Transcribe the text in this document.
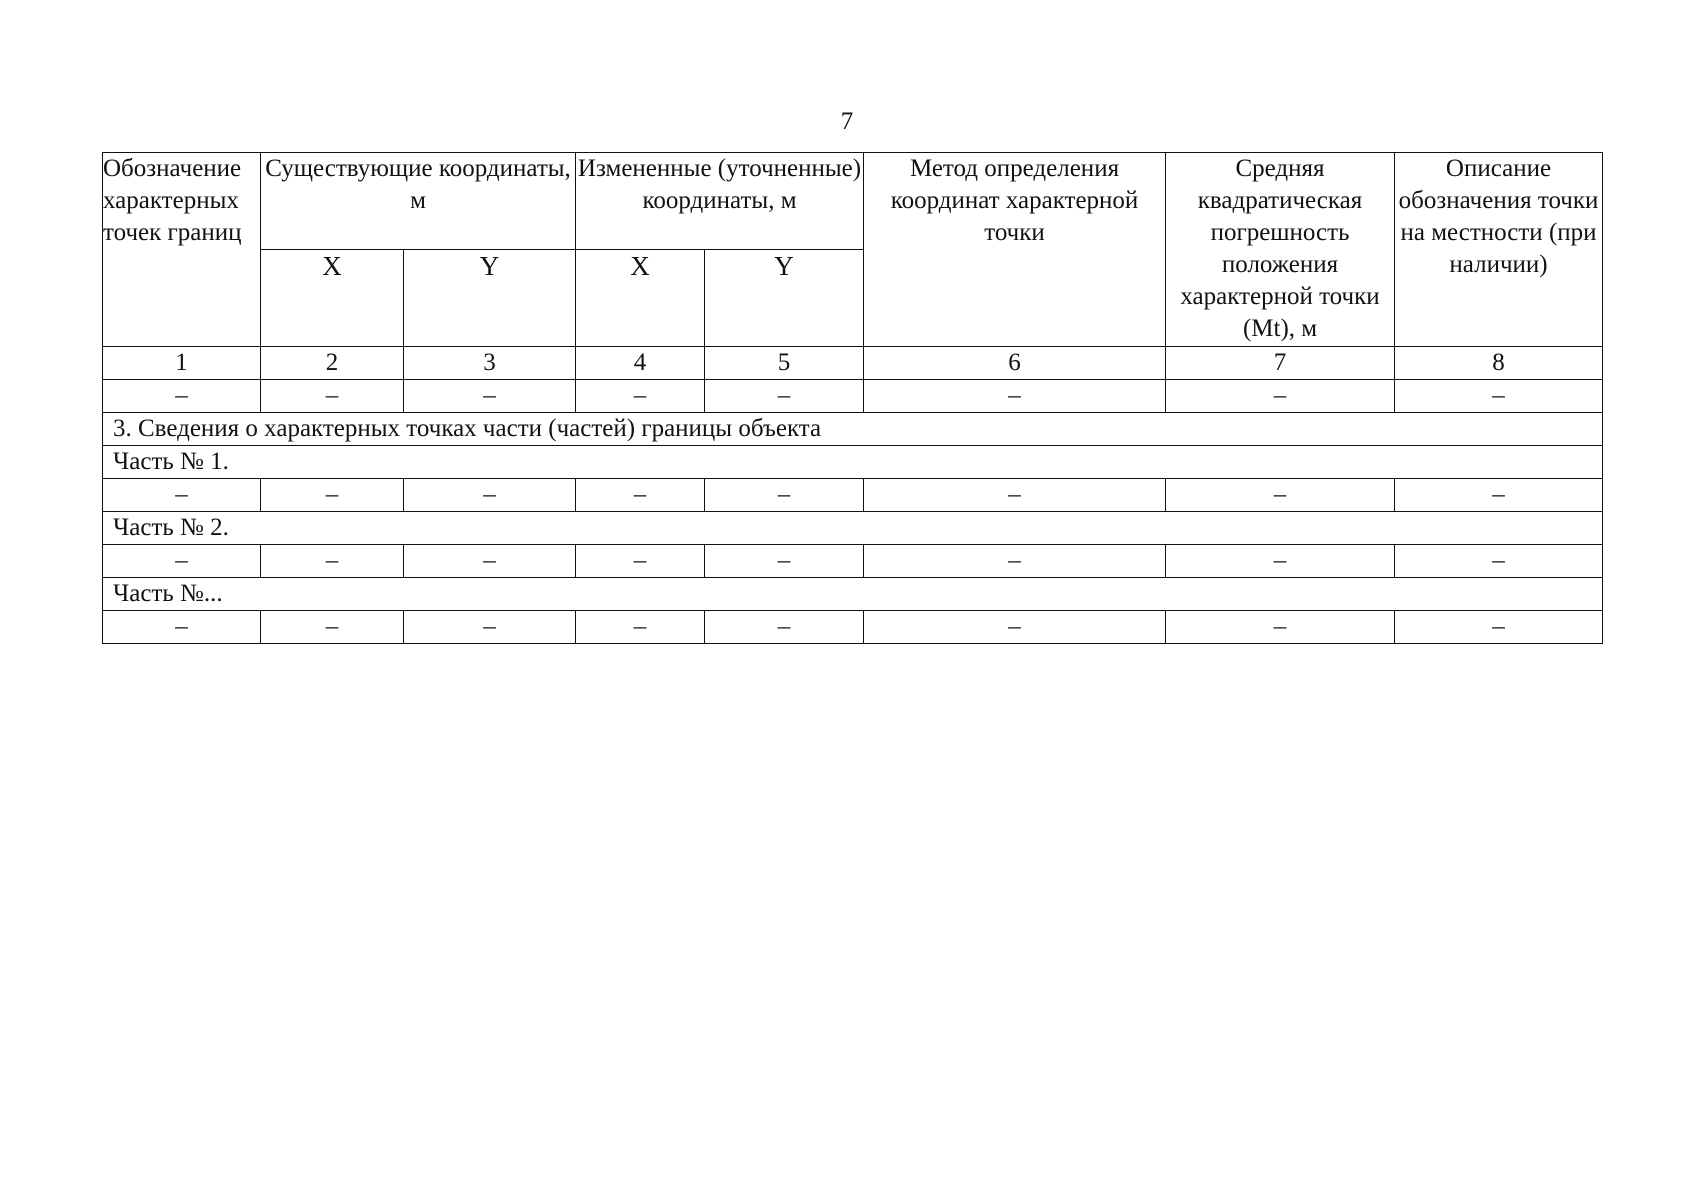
7
Обозначение характерных точек границ	Существующие координаты, м		Измененные (уточненные) координаты, м		Метод определения координат характерной точки	Средняя квадратическая погрешность положения характерной точки (Mt), м	Описание обозначения точки на местности (при наличии)
	X	Y	X	Y			
1	2	3	4	5	6	7	8
–	–	–	–	–	–	–	–
3. Сведения о характерных точках части (частей) границы объекта							
Часть № 1.							
–	–	–	–	–	–	–	–
Часть № 2.							
–	–	–	–	–	–	–	–
Часть №...							
–	–	–	–	–	–	–	–
